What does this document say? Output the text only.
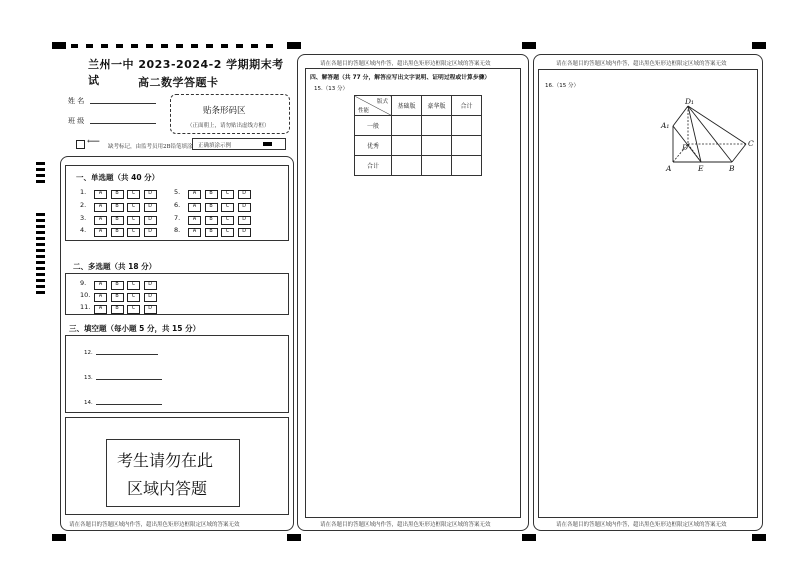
兰州一中 2023-2024-2 学期期末考试	高二数学答题卡
姓 名
班 级
贴条形码区
（正面朝上，请勿贴出虚线方框）
⟵ 缺考标记，由监考员用2B铅笔填涂 正确填涂示例
一、单选题（共 40 分）
1.	A	B	C	D
2.	A	B	C	D
3.	A	B	C	D
4.	A	B	C	D
5.	A	B	C	D
6.	A	B	C	D
7.	A	B	C	D
8.	A	B	C	D
二、多选题（共 18 分）
9.	A	B	C	D
10. A	B	C	D
11. A	B	C	D
三、填空题（每小题 5 分，共 15 分）
12．
13．
14．
考生请勿在此
区域内答题
请在各题目的答题区域内作答，超出黑色矩形边框限定区域的答案无效
请在各题目的答题区域内作答，超出黑色矩形边框限定区域的答案无效
四、解答题（共 77 分，解答应写出文字说明、证明过程或计算步骤）
15.（13 分）
版式
性能	基础版	豪华版	合计
一般			
优秀			
合计			
请在各题目的答题区域内作答，超出黑色矩形边框限定区域的答案无效
请在各题目的答题区域内作答，超出黑色矩形边框限定区域的答案无效
16.（15 分）
D₁
A₁
D
A	E	B
C
请在各题目的答题区域内作答，超出黑色矩形边框限定区域的答案无效
